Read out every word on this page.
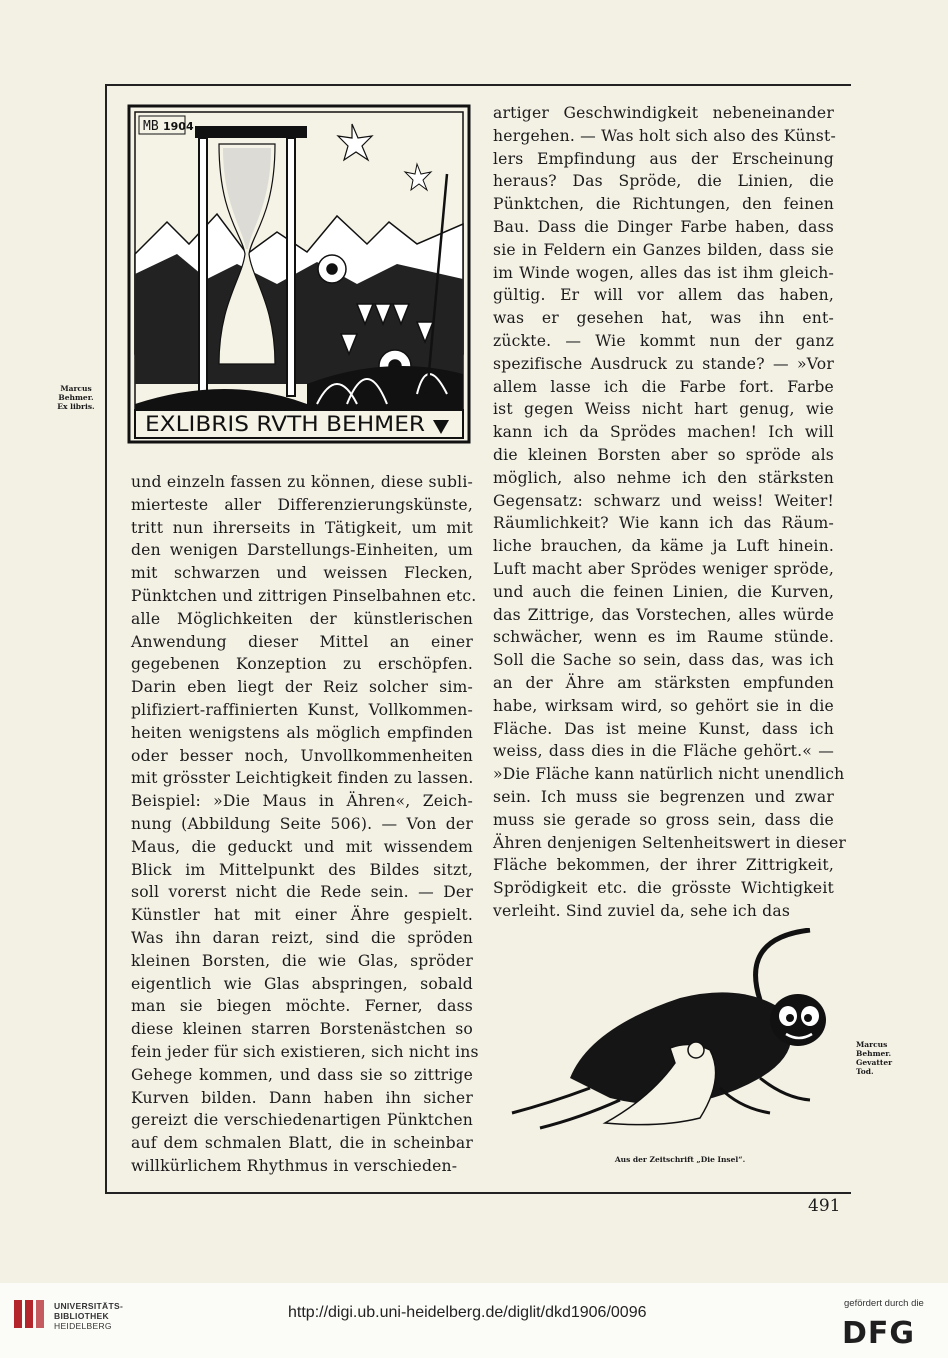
MB 1904
EXLIBRIS RVTH BEHMER
Marcus
Behmer.
Ex libris.
und einzeln fassen zu können, diese subli-
mierteste aller Differenzierungskünste,
tritt nun ihrerseits in Tätigkeit, um mit
den wenigen Darstellungs-Einheiten, um
mit schwarzen und weissen Flecken,
Pünktchen und zittrigen Pinselbahnen etc.
alle Möglichkeiten der künstlerischen
Anwendung dieser Mittel an einer
gegebenen Konzeption zu erschöpfen.
Darin eben liegt der Reiz solcher sim-
plifiziert-raffinierten Kunst, Vollkommen-
heiten wenigstens als möglich empfinden
oder besser noch, Unvollkommenheiten
mit grösster Leichtigkeit finden zu lassen.
Beispiel: »Die Maus in Ähren«, Zeich-
nung (Abbildung Seite 506). — Von der
Maus, die geduckt und mit wissendem
Blick im Mittelpunkt des Bildes sitzt,
soll vorerst nicht die Rede sein. — Der
Künstler hat mit einer Ähre gespielt.
Was ihn daran reizt, sind die spröden
kleinen Borsten, die wie Glas, spröder
eigentlich wie Glas abspringen, sobald
man sie biegen möchte. Ferner, dass
diese kleinen starren Borstenästchen so
fein jeder für sich existieren, sich nicht ins
Gehege kommen, und dass sie so zittrige
Kurven bilden. Dann haben ihn sicher
gereizt die verschiedenartigen Pünktchen
auf dem schmalen Blatt, die in scheinbar
willkürlichem Rhythmus in verschieden-
artiger Geschwindigkeit nebeneinander
hergehen. — Was holt sich also des Künst-
lers Empfindung aus der Erscheinung
heraus? Das Spröde, die Linien, die
Pünktchen, die Richtungen, den feinen
Bau. Dass die Dinger Farbe haben, dass
sie in Feldern ein Ganzes bilden, dass sie
im Winde wogen, alles das ist ihm gleich-
gültig. Er will vor allem das haben,
was er gesehen hat, was ihn ent-
zückte. — Wie kommt nun der ganz
spezifische Ausdruck zu stande? — »Vor
allem lasse ich die Farbe fort. Farbe
ist gegen Weiss nicht hart genug, wie
kann ich da Sprödes machen! Ich will
die kleinen Borsten aber so spröde als
möglich, also nehme ich den stärksten
Gegensatz: schwarz und weiss! Weiter!
Räumlichkeit? Wie kann ich das Räum-
liche brauchen, da käme ja Luft hinein.
Luft macht aber Sprödes weniger spröde,
und auch die feinen Linien, die Kurven,
das Zittrige, das Vorstechen, alles würde
schwächer, wenn es im Raume stünde.
Soll die Sache so sein, dass das, was ich
an der Ähre am stärksten empfunden
habe, wirksam wird, so gehört sie in die
Fläche. Das ist meine Kunst, dass ich
weiss, dass dies in die Fläche gehört.« —
»Die Fläche kann natürlich nicht unendlich
sein. Ich muss sie begrenzen und zwar
muss sie gerade so gross sein, dass die
Ähren denjenigen Seltenheitswert in dieser
Fläche bekommen, der ihrer Zittrigkeit,
Sprödigkeit etc. die grösste Wichtigkeit
verleiht. Sind zuviel da, sehe ich das
Marcus
Behmer.
Gevatter
Tod.
Aus der Zeitschrift „Die Insel“.
491
UNIVERSITÄTS-
BIBLIOTHEK
HEIDELBERG
http://digi.ub.uni-heidelberg.de/diglit/dkd1906/0096
gefördert durch die
DFG
